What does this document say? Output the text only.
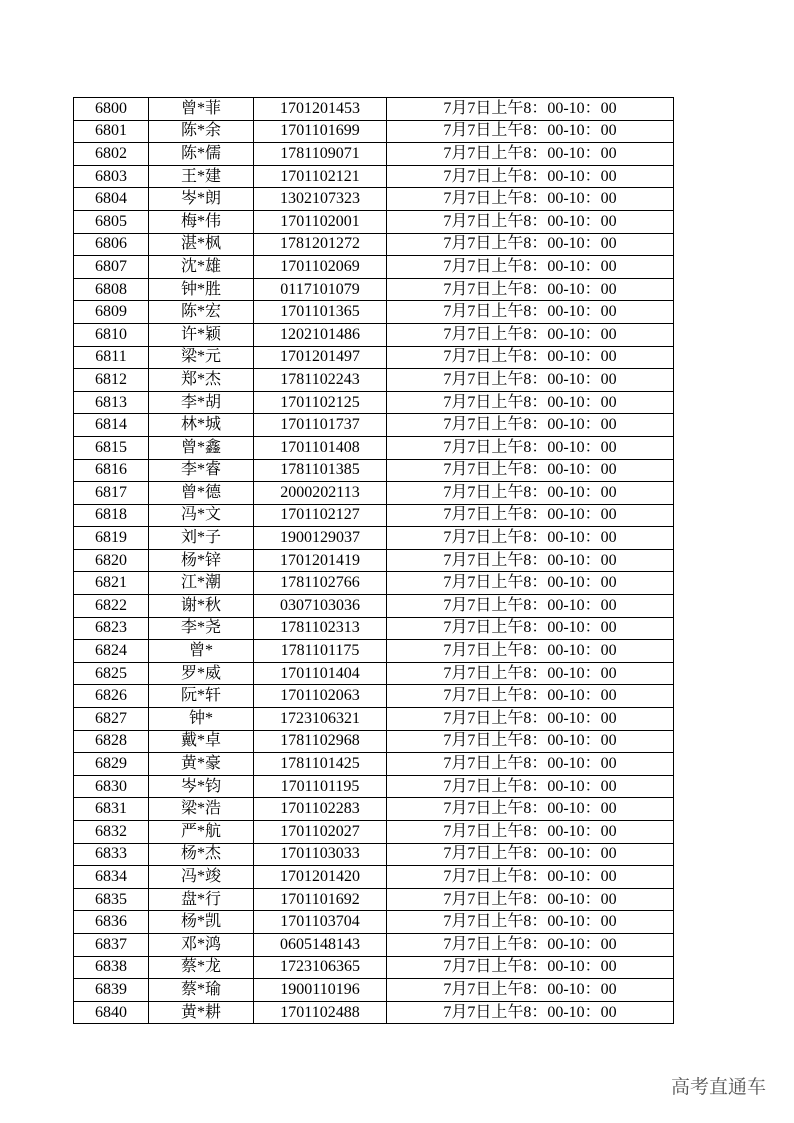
6800	曾*菲	1701201453	7月7日上午8：00-10：00
6801	陈*余	1701101699	7月7日上午8：00-10：00
6802	陈*儒	1781109071	7月7日上午8：00-10：00
6803	王*建	1701102121	7月7日上午8：00-10：00
6804	岑*朗	1302107323	7月7日上午8：00-10：00
6805	梅*伟	1701102001	7月7日上午8：00-10：00
6806	湛*枫	1781201272	7月7日上午8：00-10：00
6807	沈*雄	1701102069	7月7日上午8：00-10：00
6808	钟*胜	0117101079	7月7日上午8：00-10：00
6809	陈*宏	1701101365	7月7日上午8：00-10：00
6810	许*颖	1202101486	7月7日上午8：00-10：00
6811	梁*元	1701201497	7月7日上午8：00-10：00
6812	郑*杰	1781102243	7月7日上午8：00-10：00
6813	李*胡	1701102125	7月7日上午8：00-10：00
6814	林*城	1701101737	7月7日上午8：00-10：00
6815	曾*鑫	1701101408	7月7日上午8：00-10：00
6816	李*睿	1781101385	7月7日上午8：00-10：00
6817	曾*德	2000202113	7月7日上午8：00-10：00
6818	冯*文	1701102127	7月7日上午8：00-10：00
6819	刘*子	1900129037	7月7日上午8：00-10：00
6820	杨*锌	1701201419	7月7日上午8：00-10：00
6821	江*潮	1781102766	7月7日上午8：00-10：00
6822	谢*秋	0307103036	7月7日上午8：00-10：00
6823	李*尧	1781102313	7月7日上午8：00-10：00
6824	曾*	1781101175	7月7日上午8：00-10：00
6825	罗*威	1701101404	7月7日上午8：00-10：00
6826	阮*轩	1701102063	7月7日上午8：00-10：00
6827	钟*	1723106321	7月7日上午8：00-10：00
6828	戴*卓	1781102968	7月7日上午8：00-10：00
6829	黄*豪	1781101425	7月7日上午8：00-10：00
6830	岑*钧	1701101195	7月7日上午8：00-10：00
6831	梁*浩	1701102283	7月7日上午8：00-10：00
6832	严*航	1701102027	7月7日上午8：00-10：00
6833	杨*杰	1701103033	7月7日上午8：00-10：00
6834	冯*竣	1701201420	7月7日上午8：00-10：00
6835	盘*行	1701101692	7月7日上午8：00-10：00
6836	杨*凯	1701103704	7月7日上午8：00-10：00
6837	邓*鸿	0605148143	7月7日上午8：00-10：00
6838	蔡*龙	1723106365	7月7日上午8：00-10：00
6839	蔡*瑜	1900110196	7月7日上午8：00-10：00
6840	黄*耕	1701102488	7月7日上午8：00-10：00
高考直通车
